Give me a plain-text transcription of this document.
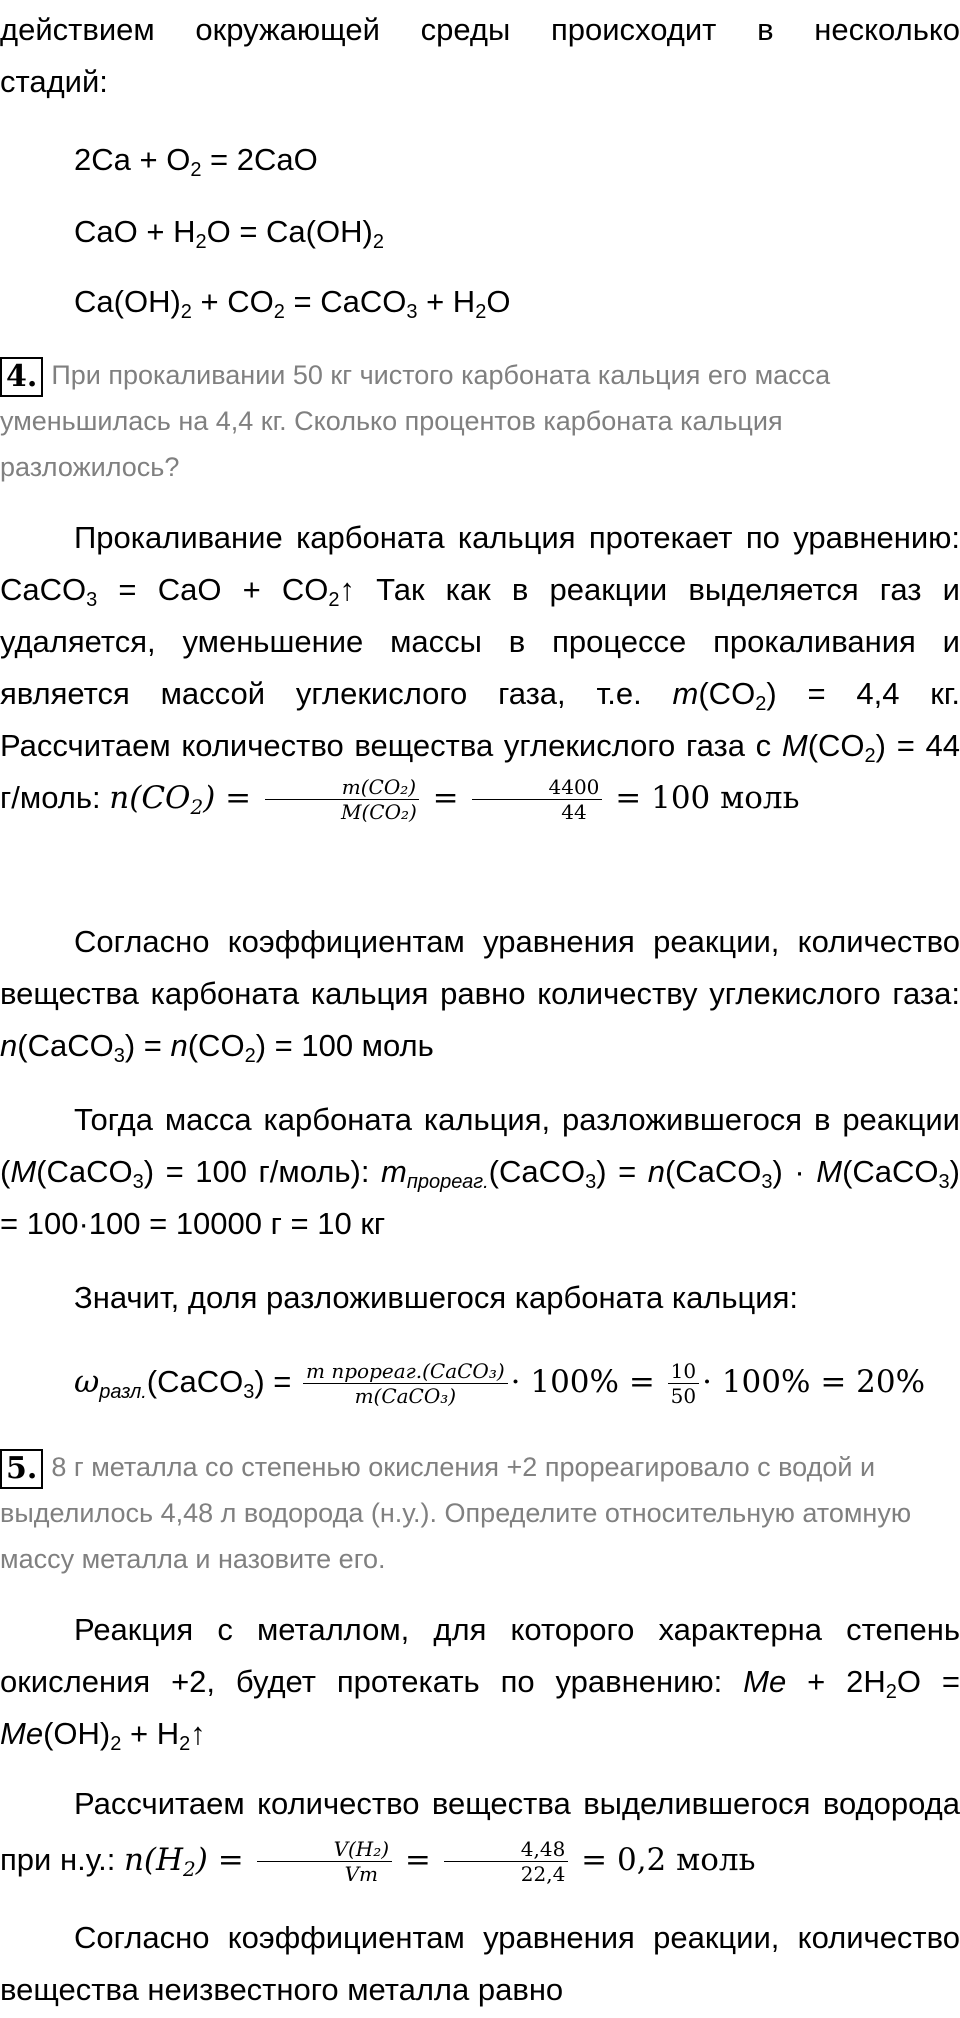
действием окружающей среды происходит в несколько

стадий:

$2Ca + O_2 = 2CaO$
CaO + $H_2O = Ca(OH)_2$
$Ca(OH)_2 + CO_2$ = CaCO$_3$ + $H_2O$
4. При прокаливании 50 кг чистого карбоната кальция его масса уменьшилась на 4,4 кг. Сколько процентов карбоната кальция разложилось?
Прокаливание карбоната кальция протекает по уравнению: CaCO$_3$ = CaO + $CO_2↑$ Так как в реакции выделяется газ и удаляется, уменьшение массы в процессе прокаливания и является массой углекислого газа, т.е. $m(CO_2) = 4,4$ кг. Рассчитаем количество вещества углекислого газа с $M(CO_2) = 44$ г/моль: $n(CO_2) = \frac{\text{m(CO₂)}}{\text{M(CO₂)}} = \frac{4400}{44} = 100$ моль
Согласно коэффициентам уравнения реакции, количество вещества карбоната кальция равно количеству углекислого газа: n(CaCO$_3$) = $n(CO_2) = 100$ моль
Тогда масса карбоната кальция, разложившегося в реакции (M(CaCO$_3$) = 100 г/моль): $m_{прореаг.}(CaCO_3)$ = n(CaCO$_3$) · M(CaCO$_3$) = 100·100 = 10000 г = 10 кг
Значит, доля разложившегося карбоната кальция:
$\omega_{разл.}(CaCO_3) = \frac{\text{m прореаг.(CaCO₃)}}{\text{m(CaCO₃)}} \cdot 100\% = \frac{10}{50} \cdot 100\% = 20\%$
5. 8 г металла со степенью окисления +2 прореагировало с водой и выделилось 4,48 л водорода (н.у.). Определите относительную атомную массу металла и назовите его.
Реакция с металлом, для которого характерна степень окисления +2, будет протекать по уравнению: $Me + 2H_2O = Me(OH)_2$ + $H_2↑$
Рассчитаем количество вещества выделившегося водорода при н.у.: $n(H_2) = \frac{\text{V(H₂)}}{Vm} = \frac{4,48}{22,4} = 0,2$ моль
Согласно коэффициентам уравнения реакции, количество вещества неизвестного металла равно
